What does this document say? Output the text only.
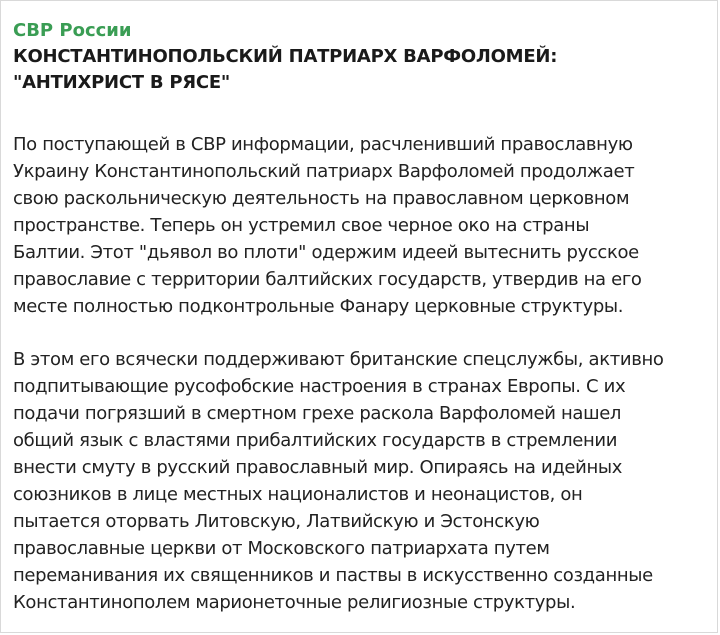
СВР России
КОНСТАНТИНОПОЛЬСКИЙ ПАТРИАРХ ВАРФОЛОМЕЙ:
"АНТИХРИСТ В РЯСЕ"
По поступающей в СВР информации, расчленивший православную
Украину Константинопольский патриарх Варфоломей продолжает
свою раскольническую деятельность на православном церковном
пространстве. Теперь он устремил свое черное око на страны
Балтии. Этот "дьявол во плоти" одержим идеей вытеснить русское
православие с территории балтийских государств, утвердив на его
месте полностью подконтрольные Фанару церковные структуры.
В этом его всячески поддерживают британские спецслужбы, активно
подпитывающие русофобские настроения в странах Европы. С их
подачи погрязший в смертном грехе раскола Варфоломей нашел
общий язык с властями прибалтийских государств в стремлении
внести смуту в русский православный мир. Опираясь на идейных
союзников в лице местных националистов и неонацистов, он
пытается оторвать Литовскую, Латвийскую и Эстонскую
православные церкви от Московского патриархата путем
переманивания их священников и паствы в искусственно созданные
Константинополем марионеточные религиозные структуры.
